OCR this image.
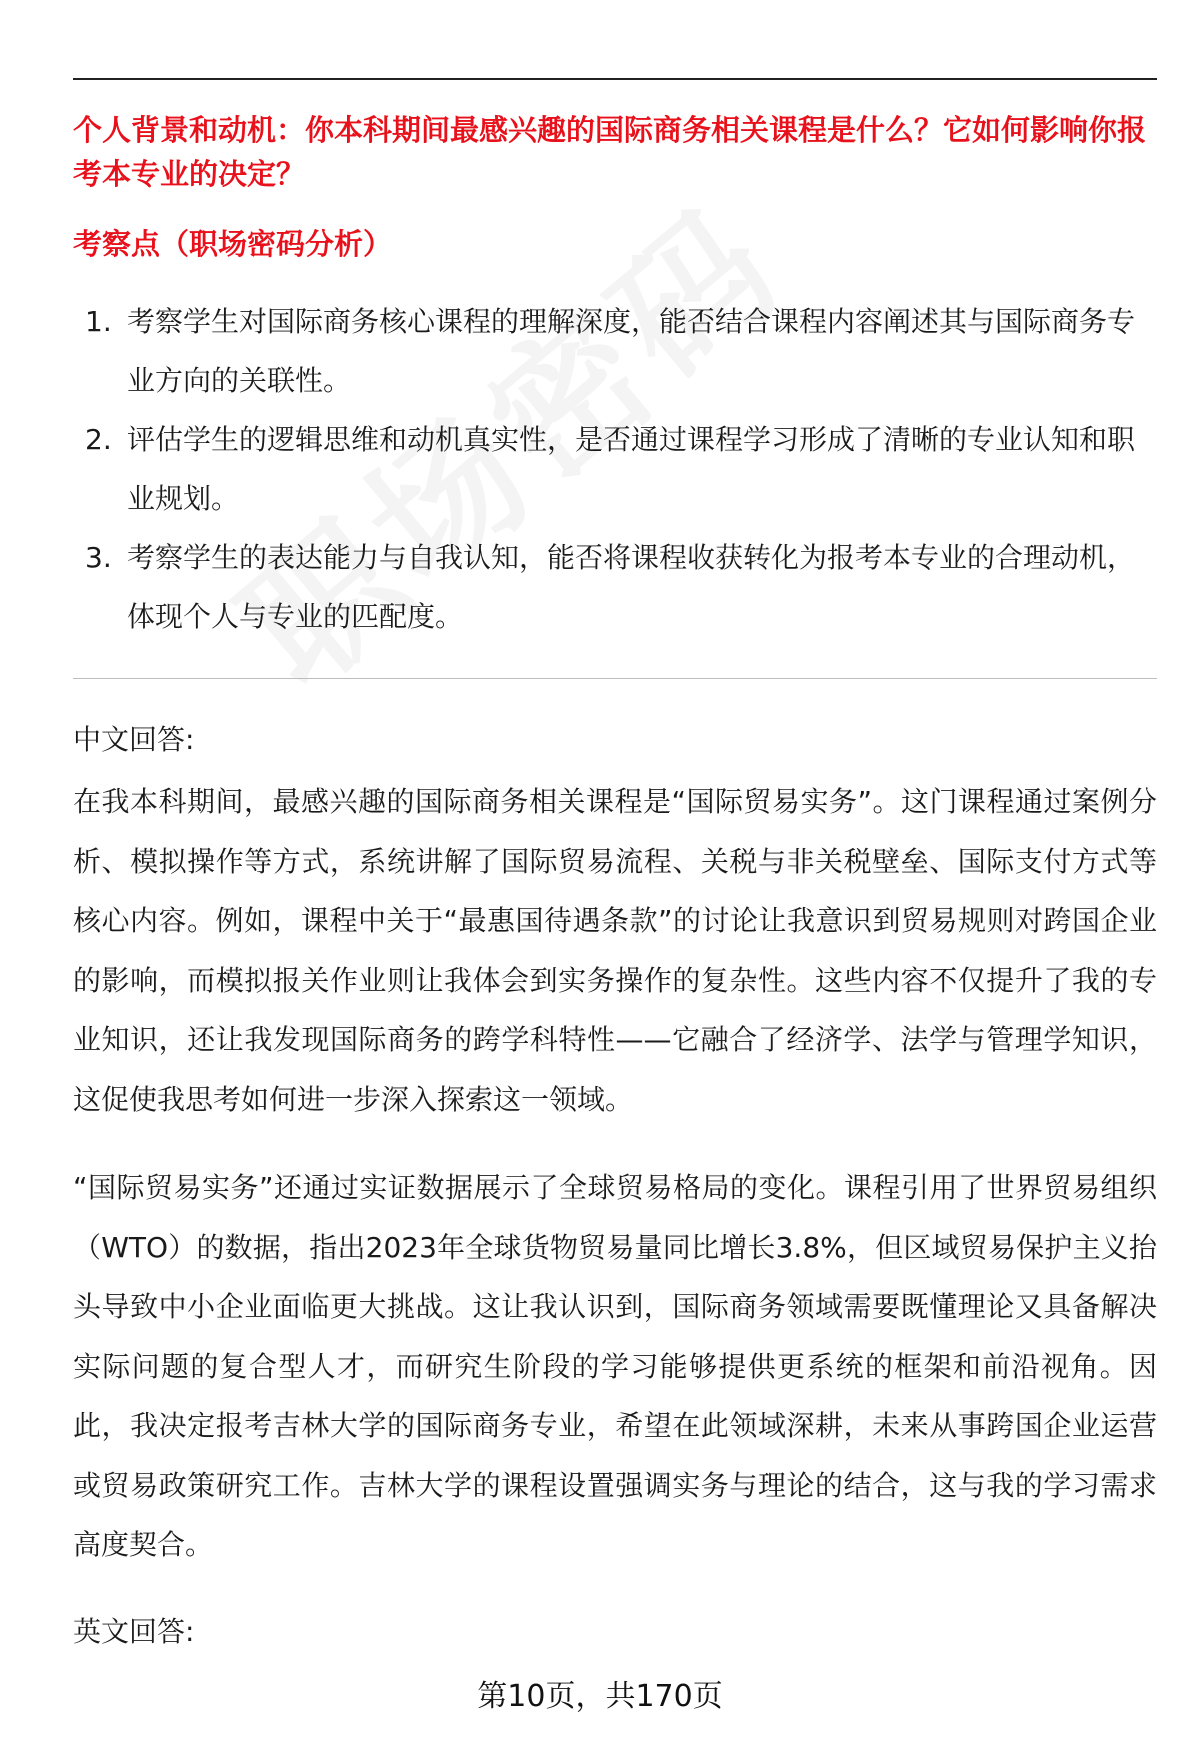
个人背景和动机：你本科期间最感兴趣的国际商务相关课程是什么？它如何影响你报考本专业的决定？
考察点（职场密码分析）
1. 考察学生对国际商务核心课程的理解深度，能否结合课程内容阐述其与国际商务专业方向的关联性。
2. 评估学生的逻辑思维和动机真实性，是否通过课程学习形成了清晰的专业认知和职业规划。
3. 考察学生的表达能力与自我认知，能否将课程收获转化为报考本专业的合理动机，体现个人与专业的匹配度。
中文回答:

在我本科期间，最感兴趣的国际商务相关课程是“国际贸易实务”。这门课程通过案例分析、模拟操作等方式，系统讲解了国际贸易流程、关税与非关税壁垒、国际支付方式等核心内容。例如，课程中关于“最惠国待遇条款”的讨论让我意识到贸易规则对跨国企业的影响，而模拟报关作业则让我体会到实务操作的复杂性。这些内容不仅提升了我的专业知识，还让我发现国际商务的跨学科特性——它融合了经济学、法学与管理学知识，这促使我思考如何进一步深入探索这一领域。

“国际贸易实务”还通过实证数据展示了全球贸易格局的变化。课程引用了世界贸易组织（WTO）的数据，指出2023年全球货物贸易量同比增长3.8%，但区域贸易保护主义抬头导致中小企业面临更大挑战。这让我认识到，国际商务领域需要既懂理论又具备解决实际问题的复合型人才，而研究生阶段的学习能够提供更系统的框架和前沿视角。因此，我决定报考吉林大学的国际商务专业，希望在此领域深耕，未来从事跨国企业运营或贸易政策研究工作。吉林大学的课程设置强调实务与理论的结合，这与我的学习需求高度契合。

英文回答:
第10页，共170页
